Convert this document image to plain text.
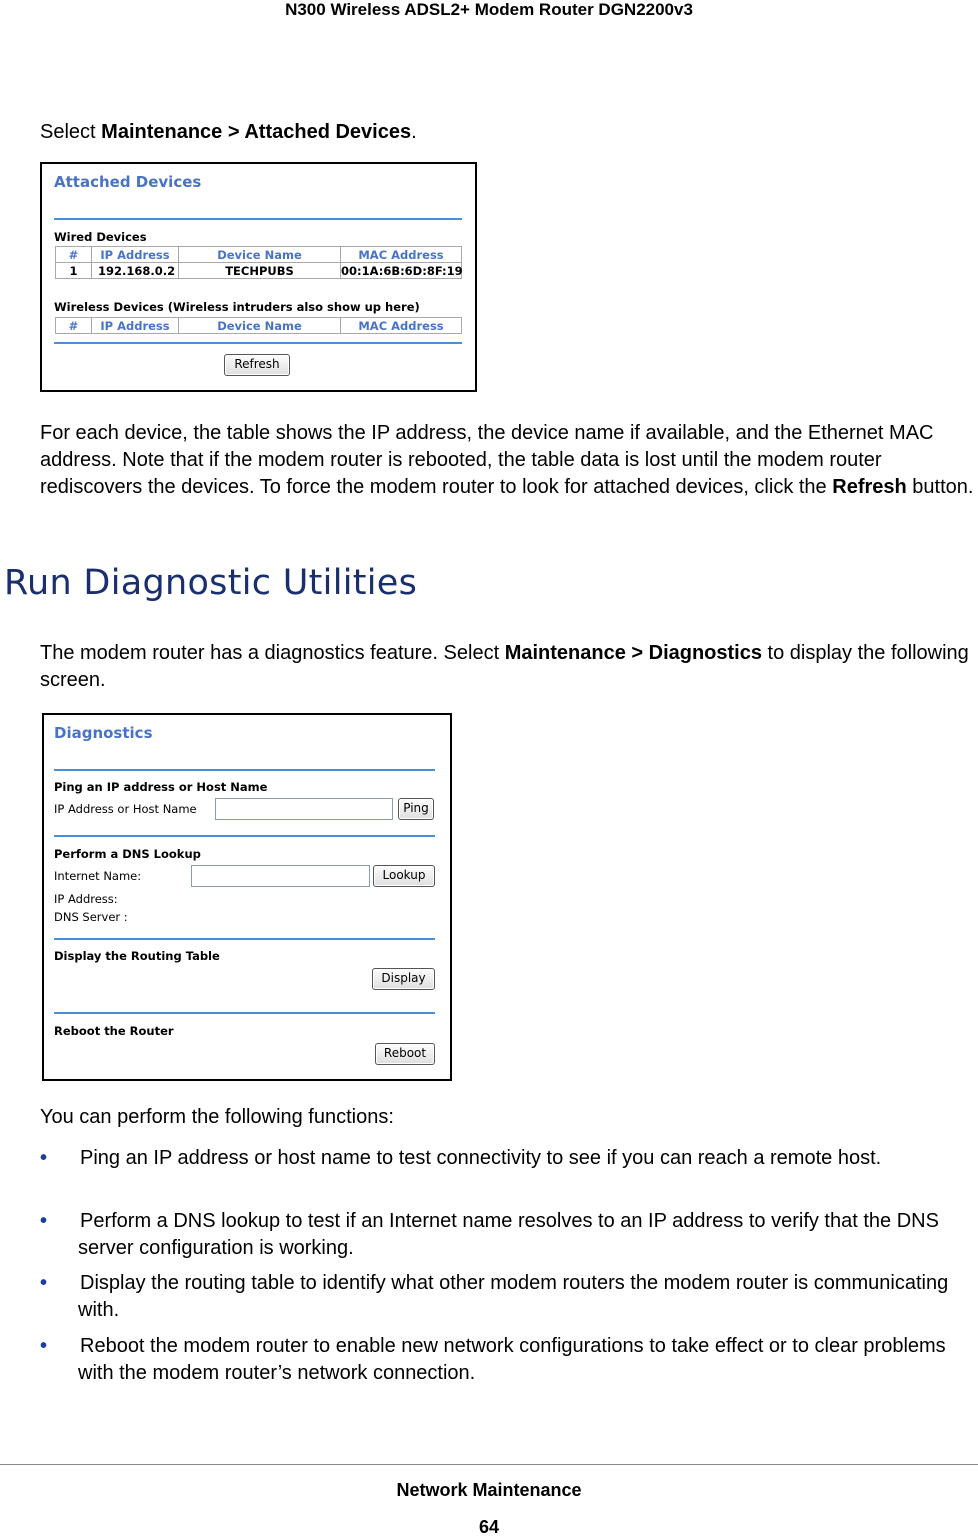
N300 Wireless ADSL2+ Modem Router DGN2200v3
Select Maintenance > Attached Devices.
Attached Devices
Wired Devices
#	IP Address	Device Name	MAC Address
1	192.168.0.2	TECHPUBS	00:1A:6B:6D:8F:19
Wireless Devices (Wireless intruders also show up here)
#	IP Address	Device Name	MAC Address
Refresh
For each device, the table shows the IP address, the device name if available, and the Ethernet MAC address. Note that if the modem router is rebooted, the table data is lost until the modem router rediscovers the devices. To force the modem router to look for attached devices, click the Refresh button.
Run Diagnostic Utilities
The modem router has a diagnostics feature. Select Maintenance > Diagnostics to display the following screen.
Diagnostics
Ping an IP address or Host Name
IP Address or Host Name	Ping
Perform a DNS Lookup
Internet Name:	Lookup
IP Address:
DNS Server :
Display the Routing Table
Display
Reboot the Router
Reboot
You can perform the following functions:
• Ping an IP address or host name to test connectivity to see if you can reach a remote host.
• Perform a DNS lookup to test if an Internet name resolves to an IP address to verify that the DNS server configuration is working.
• Display the routing table to identify what other modem routers the modem router is communicating with.
• Reboot the modem router to enable new network configurations to take effect or to clear problems with the modem router’s network connection.
Network Maintenance
64
